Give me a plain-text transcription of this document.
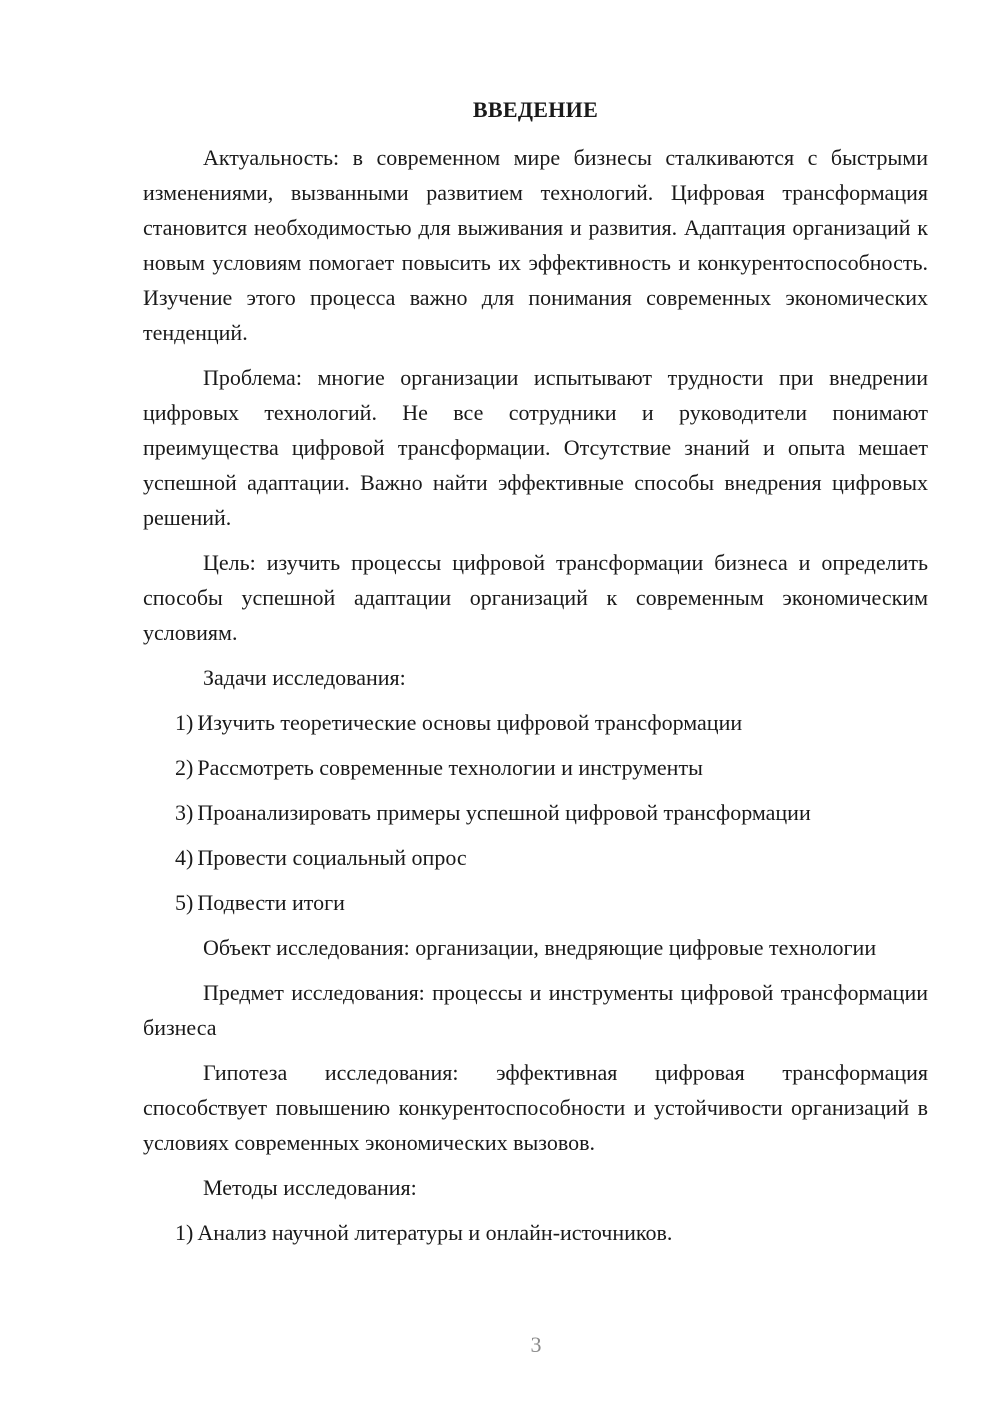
ВВЕДЕНИЕ

Актуальность: в современном мире бизнесы сталкиваются с быстрыми изменениями, вызванными развитием технологий. Цифровая трансформация становится необходимостью для выживания и развития. Адаптация организаций к новым условиям помогает повысить их эффективность и конкурентоспособность. Изучение этого процесса важно для понимания современных экономических тенденций.

Проблема: многие организации испытывают трудности при внедрении цифровых технологий. Не все сотрудники и руководители понимают преимущества цифровой трансформации. Отсутствие знаний и опыта мешает успешной адаптации. Важно найти эффективные способы внедрения цифровых решений.

Цель: изучить процессы цифровой трансформации бизнеса и определить способы успешной адаптации организаций к современным экономическим условиям.

Задачи исследования:

1) Изучить теоретические основы цифровой трансформации

2) Рассмотреть современные технологии и инструменты

3) Проанализировать примеры успешной цифровой трансформации

4) Провести социальный опрос

5) Подвести итоги

Объект исследования: организации, внедряющие цифровые технологии

Предмет исследования: процессы и инструменты цифровой трансформации бизнеса

Гипотеза исследования: эффективная цифровая трансформация способствует повышению конкурентоспособности и устойчивости организаций в условиях современных экономических вызовов.

Методы исследования:

1) Анализ научной литературы и онлайн-источников.

3
